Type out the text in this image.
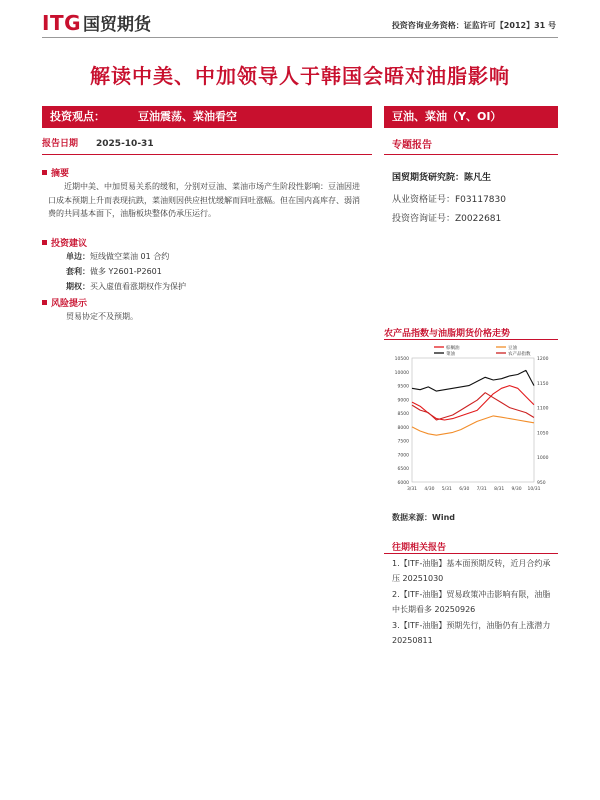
ITG 国贸期货	投资咨询业务资格：证监许可【2012】31 号
解读中美、中加领导人于韩国会晤对油脂影响
投资观点：	豆油震荡、菜油看空	豆油、菜油（Y、OI）
报告日期 2025-10-31	专题报告
摘要
近期中美、中加贸易关系的缓和，分别对豆油、菜油市场产生阶段性影响：豆油因进口成本预期上升而表现抗跌，菜油则因供应担忧缓解而回吐涨幅。但在国内高库存、弱消费的共同基本面下，油脂板块整体仍承压运行。
投资建议
单边：短线做空菜油 01 合约
套利：做多 Y2601-P2601
期权：买入虚值看涨期权作为保护
风险提示
贸易协定不及预期。
国贸期货研究院：陈凡生
从业资格证号：F03117830
投资咨询证号：Z0022681
农产品指数与油脂期货价格走势
6000
6500
7000
7500
8000
8500
9000
9500
10000
10500
950
1000
1050
1100
1150
1200
3/31 4/30 5/31 6/30 7/31 8/31 9/30 10/31
棕榈油	豆油
菜油	农产品指数
数据来源：Wind
往期相关报告
1.【ITF-油脂】基本面预期反转，近月合约承压 20251030
2.【ITF-油脂】贸易政策冲击影响有限，油脂中长期看多 20250926
3.【ITF-油脂】预期先行，油脂仍有上涨潜力 20250811
